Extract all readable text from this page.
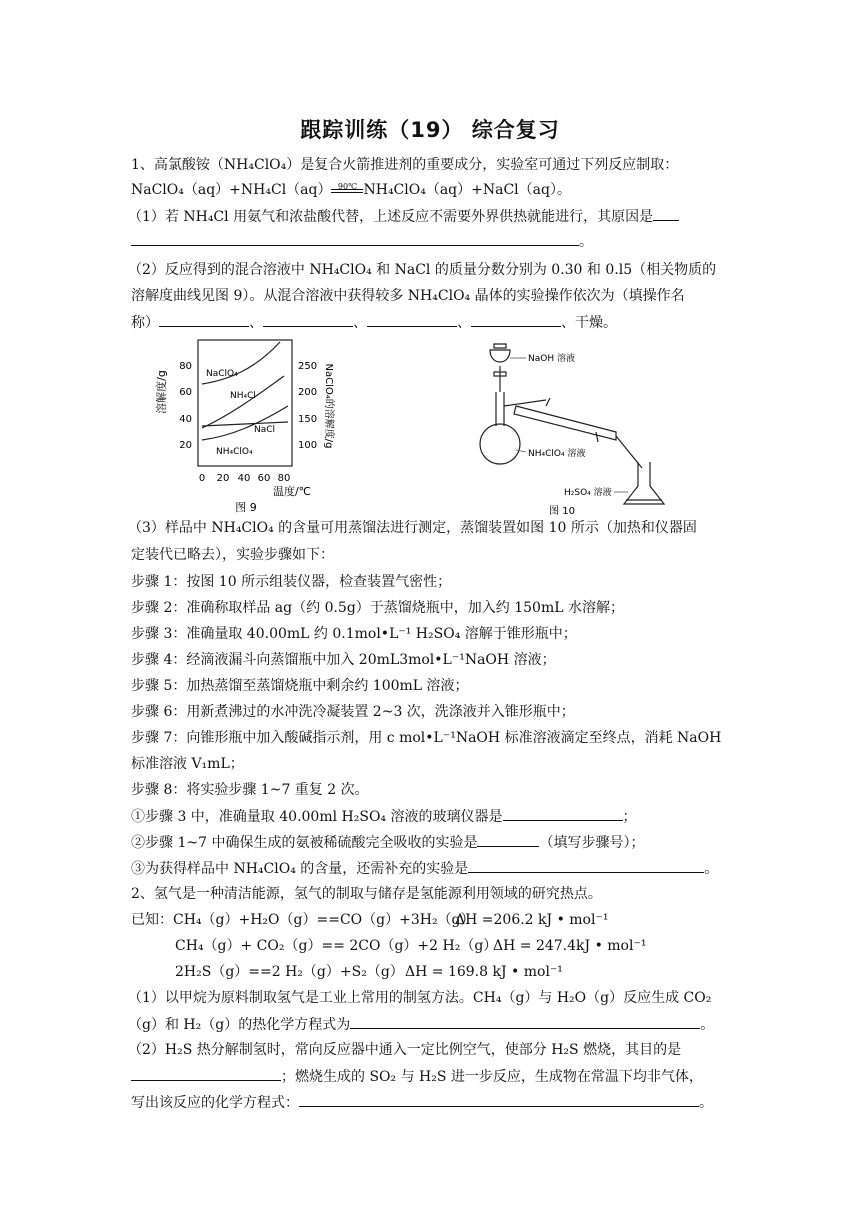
跟踪训练（19） 综合复习
1、高氯酸铵（NH₄ClO₄）是复合火箭推进剂的重要成分，实验室可通过下列反应制取：
NaClO₄（aq）+NH₄Cl（aq） 90℃ NH₄ClO₄（aq）+NaCl（aq）。
（1）若 NH₄Cl 用氨气和浓盐酸代替，上述反应不需要外界供热就能进行，其原因是
。
（2）反应得到的混合溶液中 NH₄ClO₄ 和 NaCl 的质量分数分别为 0.30 和 0.l5（相关物质的
溶解度曲线见图 9）。从混合溶液中获得较多 NH₄ClO₄ 晶体的实验操作依次为（填操作名
称）	、	、	、	、干燥。
溶解度/g
80
60
40
20
250
200
150
100 NaClO₄的溶解度/g
NaClO₄
NH₄Cl
NaCl
NH₄ClO₄
0 20 40 60 80
温度/℃
图 9
NaOH 溶液
NH₄ClO₄ 溶液
H₂SO₄ 溶液
图 10
（3）样品中 NH₄ClO₄ 的含量可用蒸馏法进行测定，蒸馏装置如图 10 所示（加热和仪器固
定装代已略去），实验步骤如下：
步骤 1：按图 10 所示组装仪器，检查装置气密性；
步骤 2：准确称取样品 ag（约 0.5g）于蒸馏烧瓶中，加入约 150mL 水溶解；
步骤 3：准确量取 40.00mL 约 0.1mol•L⁻¹ H₂SO₄ 溶解于锥形瓶中；
步骤 4：经滴液漏斗向蒸馏瓶中加入 20mL3mol•L⁻¹NaOH 溶液；
步骤 5：加热蒸馏至蒸馏烧瓶中剩余约 100mL 溶液；
步骤 6：用新煮沸过的水冲洗冷凝装置 2~3 次，洗涤液并入锥形瓶中；
步骤 7：向锥形瓶中加入酸碱指示剂，用 c mol•L⁻¹NaOH 标准溶液滴定至终点，消耗 NaOH
标准溶液 V₁mL；
步骤 8：将实验步骤 1~7 重复 2 次。
①步骤 3 中，准确量取 40.00ml H₂SO₄ 溶液的玻璃仪器是	；
②步骤 1~7 中确保生成的氨被稀硫酸完全吸收的实验是	（填写步骤号）；
③为获得样品中 NH₄ClO₄ 的含量，还需补充的实验是	。
2、氢气是一种清洁能源，氢气的制取与储存是氢能源利用领域的研究热点。
已知：CH₄（g）+H₂O（g）==CO（g）+3H₂（g）
ΔH =206.2 kJ • mol⁻¹
CH₄（g）+ CO₂（g）== 2CO（g）+2 H₂（g）
ΔH = 247.4kJ • mol⁻¹
2H₂S（g）==2 H₂（g）+S₂（g） ΔH = 169.8 kJ • mol⁻¹
（1）以甲烷为原料制取氢气是工业上常用的制氢方法。CH₄（g）与 H₂O（g）反应生成 CO₂
（g）和 H₂（g）的热化学方程式为	。
（2）H₂S 热分解制氢时，常向反应器中通入一定比例空气，使部分 H₂S 燃烧，其目的是
；燃烧生成的 SO₂ 与 H₂S 进一步反应，生成物在常温下均非气体，
写出该反应的化学方程式：	。
